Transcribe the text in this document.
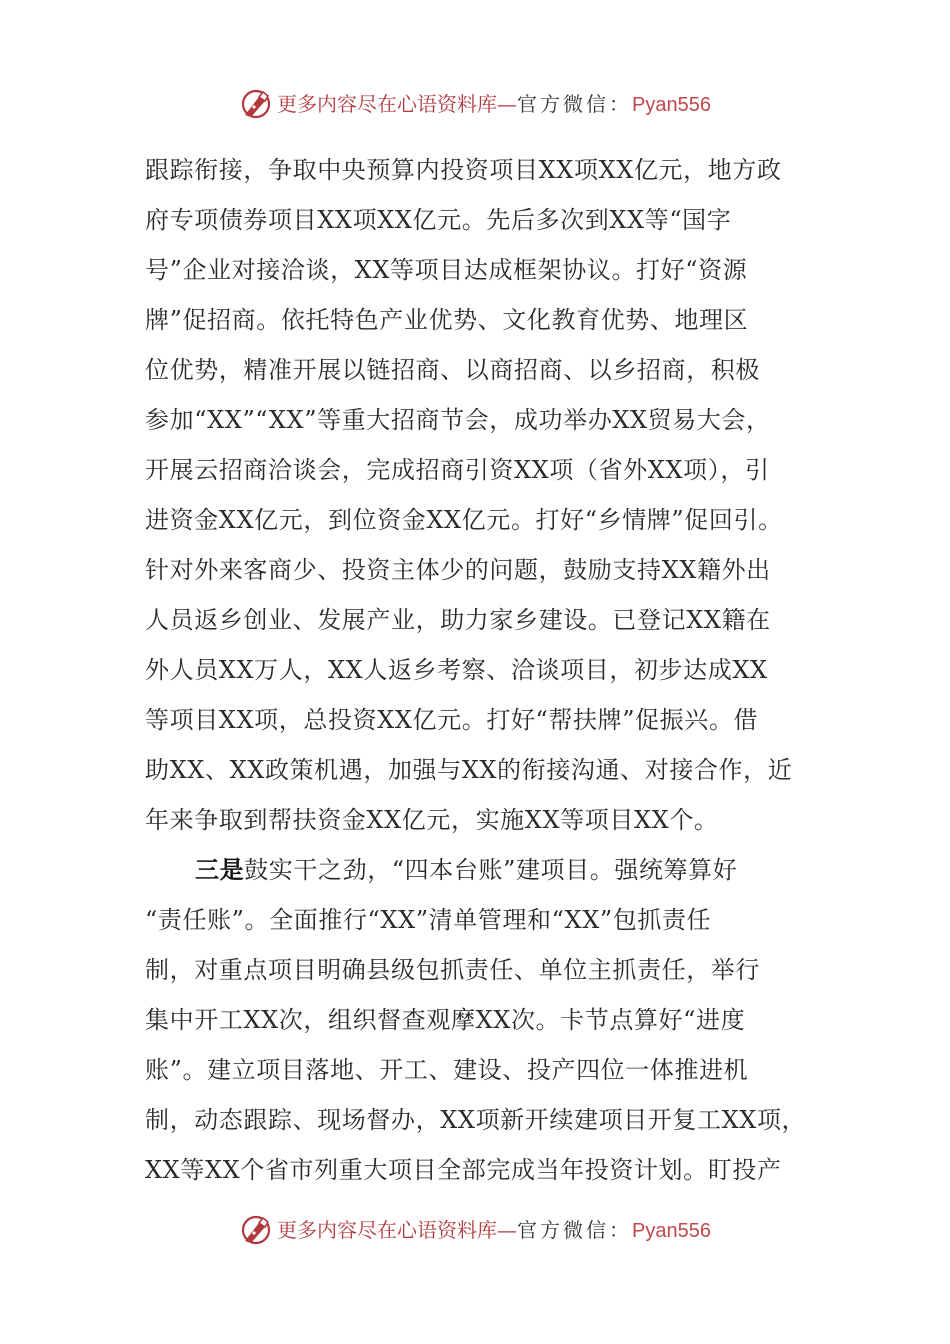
更多内容尽在心语资料库—官方微信：Pyan556
跟踪衔接，争取中央预算内投资项目XX项XX亿元，地方政
府专项债券项目XX项XX亿元。先后多次到XX等“国字
号”企业对接洽谈，XX等项目达成框架协议。打好“资源
牌”促招商。依托特色产业优势、文化教育优势、地理区
位优势，精准开展以链招商、以商招商、以乡招商，积极
参加“XX”“XX”等重大招商节会，成功举办XX贸易大会，
开展云招商洽谈会，完成招商引资XX项（省外XX项），引
进资金XX亿元，到位资金XX亿元。打好“乡情牌”促回引。
针对外来客商少、投资主体少的问题，鼓励支持XX籍外出
人员返乡创业、发展产业，助力家乡建设。已登记XX籍在
外人员XX万人，XX人返乡考察、洽谈项目，初步达成XX
等项目XX项，总投资XX亿元。打好“帮扶牌”促振兴。借
助XX、XX政策机遇，加强与XX的衔接沟通、对接合作，近
年来争取到帮扶资金XX亿元，实施XX等项目XX个。
三是鼓实干之劲，“四本台账”建项目。强统筹算好
“责任账”。全面推行“XX”清单管理和“XX”包抓责任
制，对重点项目明确县级包抓责任、单位主抓责任，举行
集中开工XX次，组织督查观摩XX次。卡节点算好“进度
账”。建立项目落地、开工、建设、投产四位一体推进机
制，动态跟踪、现场督办，XX项新开续建项目开复工XX项，
XX等XX个省市列重大项目全部完成当年投资计划。盯投产
更多内容尽在心语资料库—官方微信：Pyan556
